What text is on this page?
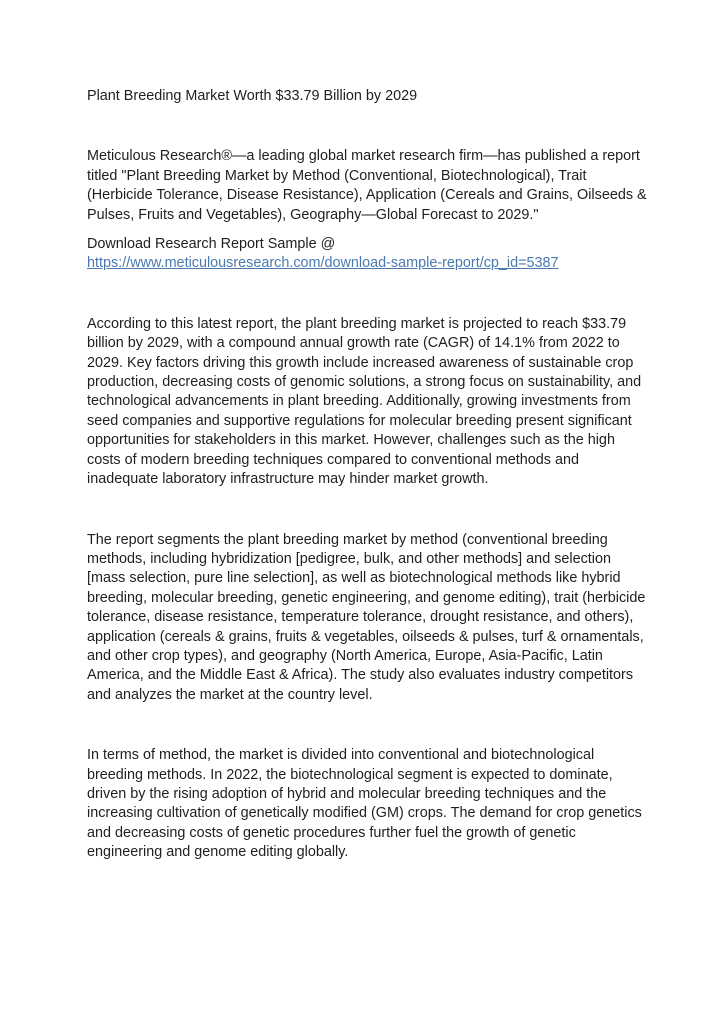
Plant Breeding Market Worth $33.79 Billion by 2029

Meticulous Research®—a leading global market research firm—has published a report titled "Plant Breeding Market by Method (Conventional, Biotechnological), Trait (Herbicide Tolerance, Disease Resistance), Application (Cereals and Grains, Oilseeds & Pulses, Fruits and Vegetables), Geography—Global Forecast to 2029."

Download Research Report Sample @
https://www.meticulousresearch.com/download-sample-report/cp_id=5387

According to this latest report, the plant breeding market is projected to reach $33.79 billion by 2029, with a compound annual growth rate (CAGR) of 14.1% from 2022 to 2029. Key factors driving this growth include increased awareness of sustainable crop production, decreasing costs of genomic solutions, a strong focus on sustainability, and technological advancements in plant breeding. Additionally, growing investments from seed companies and supportive regulations for molecular breeding present significant opportunities for stakeholders in this market. However, challenges such as the high costs of modern breeding techniques compared to conventional methods and inadequate laboratory infrastructure may hinder market growth.

The report segments the plant breeding market by method (conventional breeding methods, including hybridization [pedigree, bulk, and other methods] and selection [mass selection, pure line selection], as well as biotechnological methods like hybrid breeding, molecular breeding, genetic engineering, and genome editing), trait (herbicide tolerance, disease resistance, temperature tolerance, drought resistance, and others), application (cereals & grains, fruits & vegetables, oilseeds & pulses, turf & ornamentals, and other crop types), and geography (North America, Europe, Asia-Pacific, Latin America, and the Middle East & Africa). The study also evaluates industry competitors and analyzes the market at the country level.

In terms of method, the market is divided into conventional and biotechnological breeding methods. In 2022, the biotechnological segment is expected to dominate, driven by the rising adoption of hybrid and molecular breeding techniques and the increasing cultivation of genetically modified (GM) crops. The demand for crop genetics and decreasing costs of genetic procedures further fuel the growth of genetic engineering and genome editing globally.
